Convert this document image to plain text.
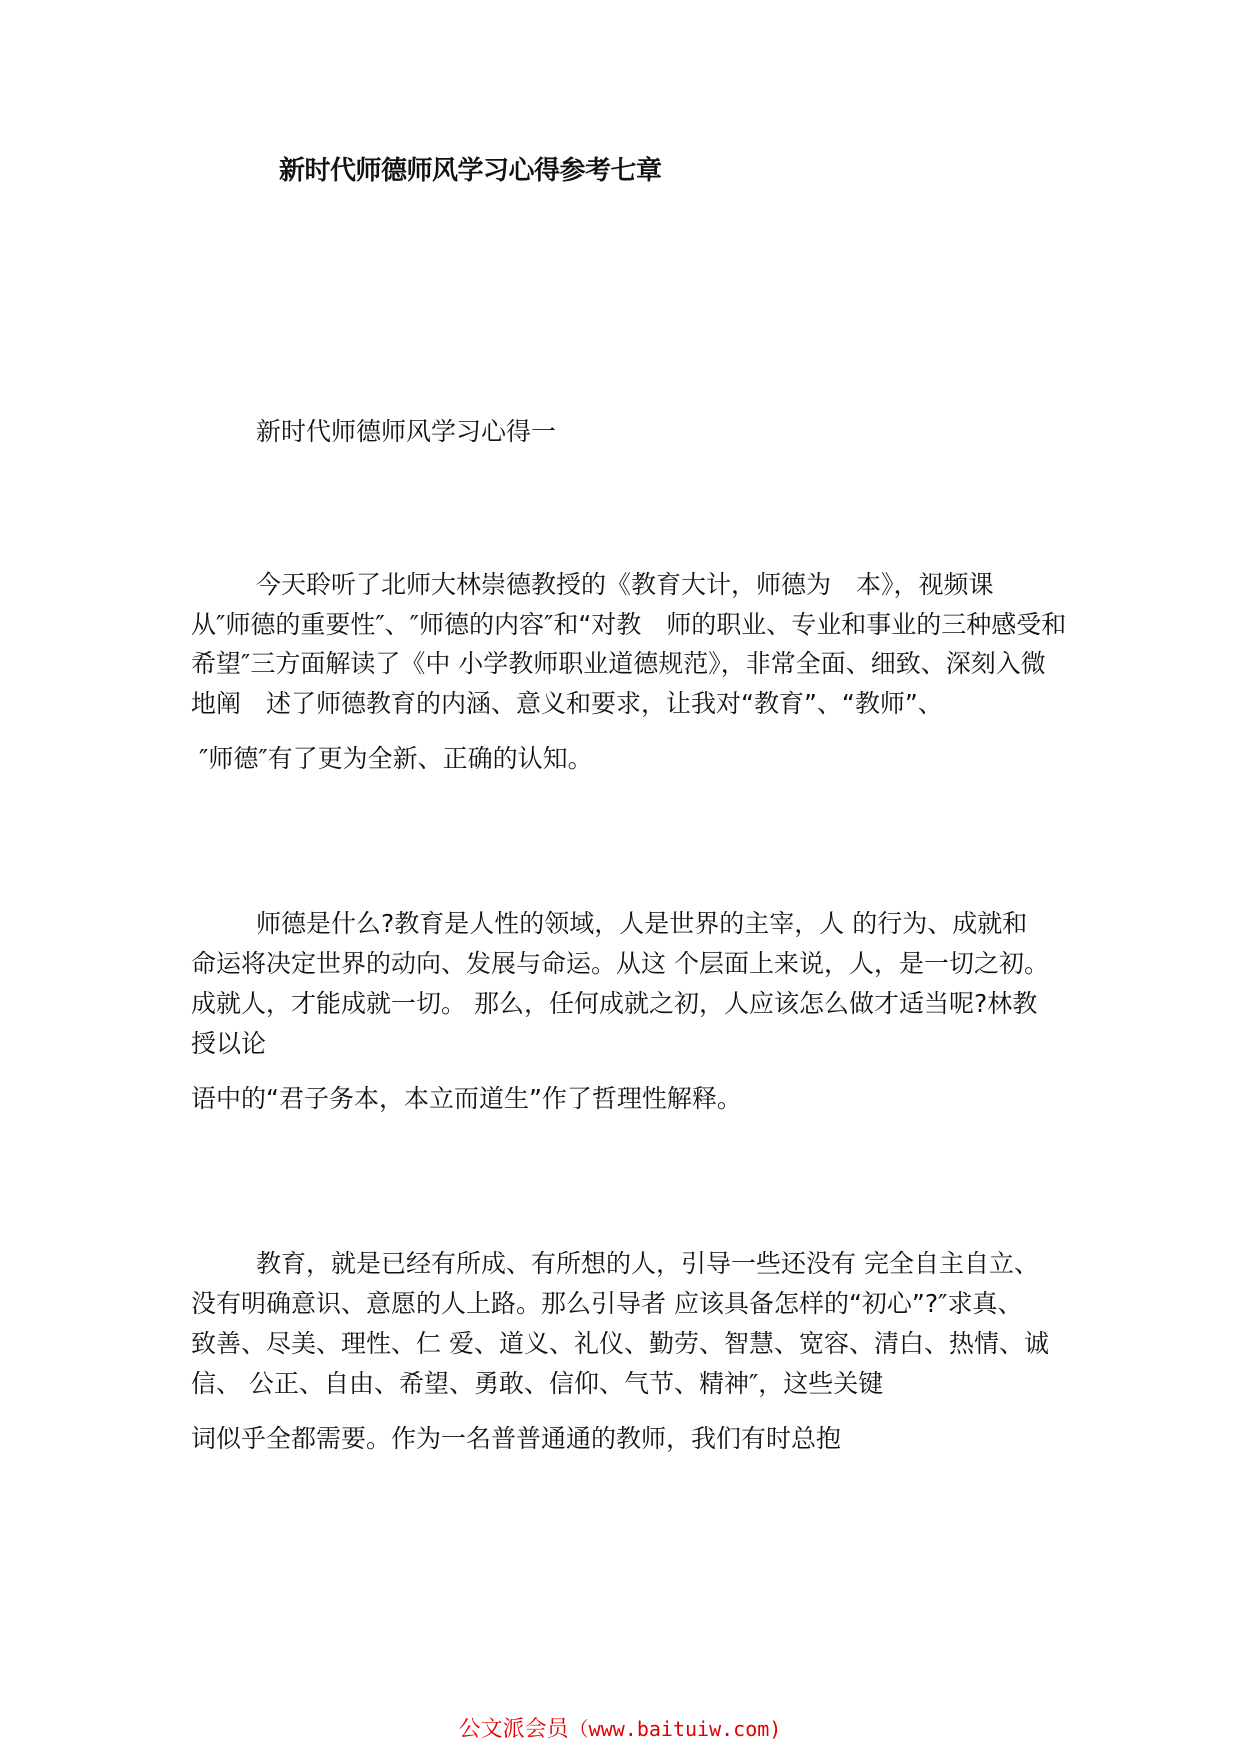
新时代师德师风学习心得参考七章
新时代师德师风学习心得一
今天聆听了北师大林崇德教授的《教育大计，师德为　本》，视频课
从″师德的重要性″、″师德的内容″和“对教　师的职业、专业和事业的三种感受和
希望″三方面解读了《中 小学教师职业道德规范》，非常全面、细致、深刻入微
地阐　述了师德教育的内涵、意义和要求，让我对“教育”、“教师”、
″师德″有了更为全新、正确的认知。
师德是什么?教育是人性的领域，人是世界的主宰，人 的行为、成就和
命运将决定世界的动向、发展与命运。从这 个层面上来说，人，是一切之初。
成就人，才能成就一切。 那么，任何成就之初，人应该怎么做才适当呢?林教
授以论
语中的“君子务本，本立而道生”作了哲理性解释。
教育，就是已经有所成、有所想的人，引导一些还没有 完全自主自立、
没有明确意识、意愿的人上路。那么引导者 应该具备怎样的“初心”?″求真、
致善、尽美、理性、仁 爱、道义、礼仪、勤劳、智慧、宽容、清白、热情、诚
信、 公正、自由、希望、勇敢、信仰、气节、精神″，这些关键
词似乎全都需要。作为一名普普通通的教师，我们有时总抱
公文派会员（www.baituiw.com)
